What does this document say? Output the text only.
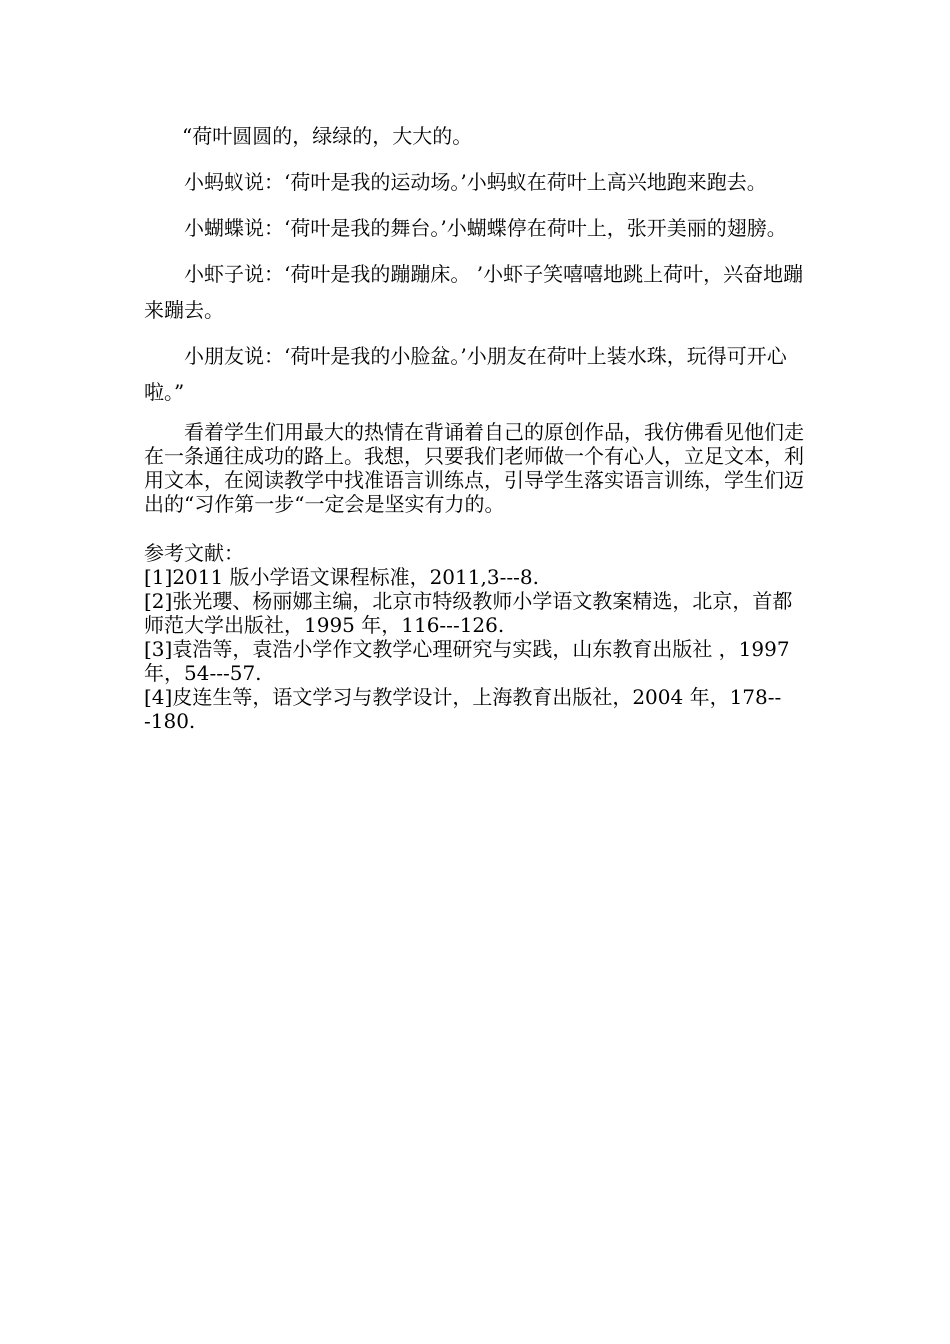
“荷叶圆圆的，绿绿的，大大的。

小蚂蚁说：‘荷叶是我的运动场。’小蚂蚁在荷叶上高兴地跑来跑去。

小蝴蝶说：‘荷叶是我的舞台。’小蝴蝶停在荷叶上，张开美丽的翅膀。

小虾子说：‘荷叶是我的蹦蹦床。 ’小虾子笑嘻嘻地跳上荷叶，兴奋地蹦来蹦去。

小朋友说：‘荷叶是我的小脸盆。’小朋友在荷叶上装水珠，玩得可开心啦。”

看着学生们用最大的热情在背诵着自己的原创作品，我仿佛看见他们走在一条通往成功的路上。我想，只要我们老师做一个有心人，立足文本，利用文本，在阅读教学中找准语言训练点，引导学生落实语言训练，学生们迈出的“习作第一步“一定会是坚实有力的。

参考文献：
[1]2011 版小学语文课程标准，2011,3---8.
[2]张光瓔、杨丽娜主编，北京市特级教师小学语文教案精选，北京，首都师范大学出版社，1995 年，116---126.
[3]袁浩等，袁浩小学作文教学心理研究与实践，山东教育出版社 ，1997 年，54---57.
[4]皮连生等，语文学习与教学设计，上海教育出版社，2004 年，178---180.
